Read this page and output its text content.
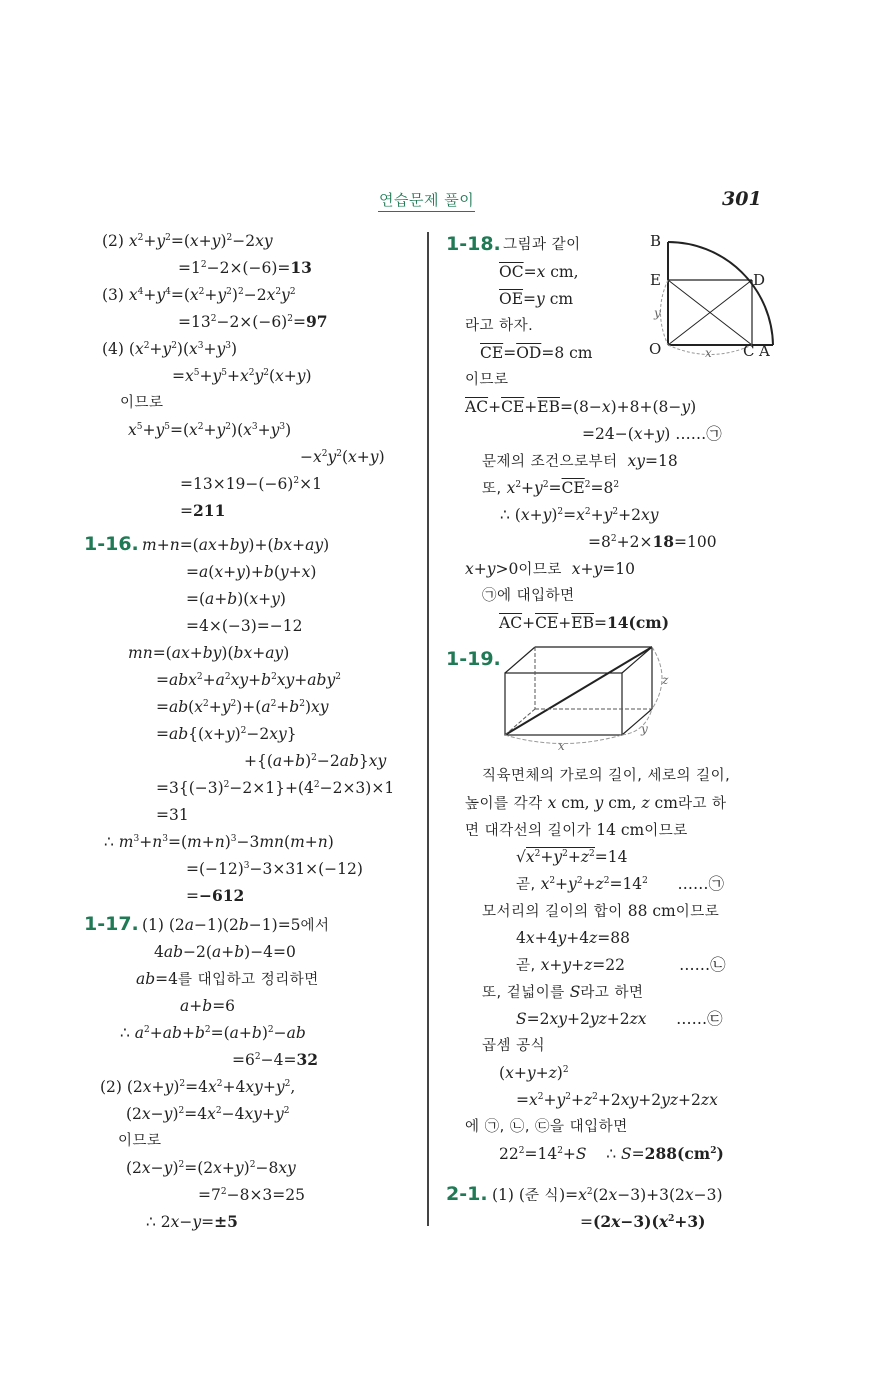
연습문제 풀이	301
(2) $x^2+y^2=(x+y)^2-2xy$
$=1^2-2\times(-6)=13$
(3) $x^4+y^4=(x^2+y^2)^2-2x^2y^2$
$=13^2-2\times(-6)^2=97$
(4) $(x^2+y^2)(x^3+y^3)$
$=x^5+y^5+x^2y^2(x+y)$
이므로
$x^5+y^5=(x^2+y^2)(x^3+y^3)$
$-x^2y^2(x+y)$
$=13\times 19-(-6)^2\times 1$
=211
1-16. m+n=(ax+by)+(bx+ay)
=a(x+y)+b(y+x)
=(a+b)(x+y)
=4×(−3)=−12
mn=(ax+by)(bx+ay)
$=abx^2+a^2xy+b^2xy+aby^2$
$=ab(x^2+y^2)+(a^2+b^2)xy$
$=ab\{(x+y)^2-2xy\}$
$+\{(a+b)^2-2ab\}xy$
$=3\{(-3)^2-2\times 1\}+(4^2-2\times 3)\times 1$
=31
∴ $m^3+n^3=(m+n)^3-3mn(m+n)$
$=(-12)^3-3\times 31\times(-12)$
=−612
1-17. (1) (2a−1)(2b−1)=5에서
4ab−2(a+b)−4=0
ab=4를 대입하고 정리하면
a+b=6
∴ $a^2+ab+b^2=(a+b)^2-ab$
$=6^2-4=32$
(2) $(2x+y)^2=4x^2+4xy+y^2$,
$(2x-y)^2=4x^2-4xy+y^2$
이므로
$(2x-y)^2=(2x+y)^2-8xy$
$=7^2-8\times 3=25$
∴ 2x−y=±5
1-18. 그림과 같이
$\overline{OC}=x$ cm,
$\overline{OE}=y$ cm
라고 하자.
$\overline{CE}=\overline{OD}=8$ cm
이므로
B
E	D
O	C A
x
y
$\overline{AC}+\overline{CE}+\overline{EB}=(8-x)+8+(8-y)$
=24−(x+y) ……㉠
문제의 조건으로부터 xy=18
또, $x^2+y^2=\overline{CE}^2=8^2$
∴ $(x+y)^2=x^2+y^2+2xy$
$=8^2+2\times 18=100$
x+y>0이므로 x+y=10
㉠에 대입하면
$\overline{AC}+\overline{CE}+\overline{EB}=14(cm)$
1-19.
x
y
z
직육면체의 가로의 길이, 세로의 길이,
높이를 각각 x cm, y cm, z cm라고 하
면 대각선의 길이가 14 cm이므로
$√x^2+y^2+z^2=14$
곧, $x^2+y^2+z^2=14^2$      ……㉠
모서리의 길이의 합이 88 cm이므로
4x+4y+4z=88
곧, x+y+z=22           ……㉡
또, 겉넓이를 S라고 하면
S=2xy+2yz+2zx      ……㉢
곱셈 공식
$(x+y+z)^2$
$=x^2+y^2+z^2+2xy+2yz+2zx$
에 ㉠, ㉡, ㉢을 대입하면
$22^2=14^2+S$    ∴ $S=288(cm^2)$
2-1. (1) (준 식)$=x^2(2x-3)+3(2x-3)$
$=(2x-3)(x^2+3)$
